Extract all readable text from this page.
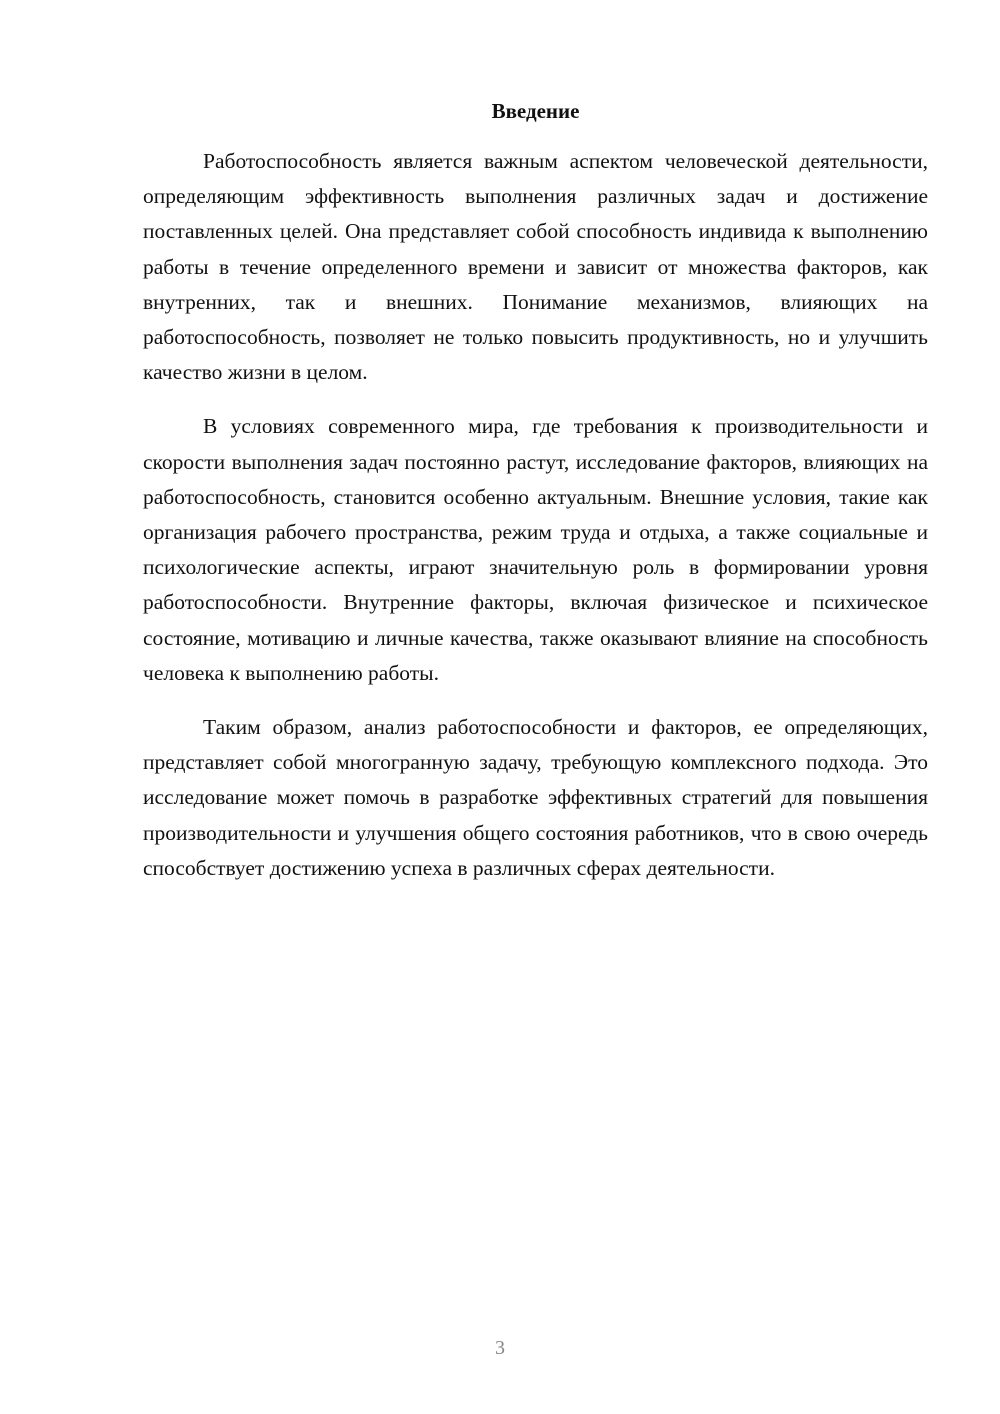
Введение

Работоспособность является важным аспектом человеческой деятельности, определяющим эффективность выполнения различных задач и достижение поставленных целей. Она представляет собой способность индивида к выполнению работы в течение определенного времени и зависит от множества факторов, как внутренних, так и внешних. Понимание механизмов, влияющих на работоспособность, позволяет не только повысить продуктивность, но и улучшить качество жизни в целом.

В условиях современного мира, где требования к производительности и скорости выполнения задач постоянно растут, исследование факторов, влияющих на работоспособность, становится особенно актуальным. Внешние условия, такие как организация рабочего пространства, режим труда и отдыха, а также социальные и психологические аспекты, играют значительную роль в формировании уровня работоспособности. Внутренние факторы, включая физическое и психическое состояние, мотивацию и личные качества, также оказывают влияние на способность человека к выполнению работы.

Таким образом, анализ работоспособности и факторов, ее определяющих, представляет собой многогранную задачу, требующую комплексного подхода. Это исследование может помочь в разработке эффективных стратегий для повышения производительности и улучшения общего состояния работников, что в свою очередь способствует достижению успеха в различных сферах деятельности.

3
